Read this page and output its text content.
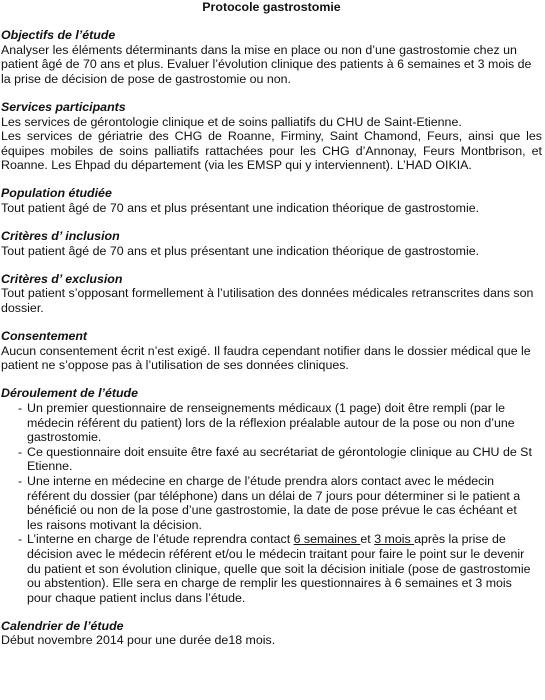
Protocole gastrostomie

Objectifs de l’étude

Analyser les éléments déterminants dans la mise en place ou non d’une gastrostomie chez un patient âgé de 70 ans et plus. Evaluer l’évolution clinique des patients à 6 semaines et 3 mois de la prise de décision de pose de gastrostomie ou non.

Services participants

Les services de gérontologie clinique et de soins palliatifs du CHU de Saint-Etienne.

Les services de gériatrie des CHG de Roanne, Firminy, Saint Chamond, Feurs, ainsi que les équipes mobiles de soins palliatifs rattachées pour les CHG d’Annonay, Feurs Montbrison, et Roanne. Les Ehpad du département (via les EMSP qui y interviennent). L’HAD OIKIA.

Population étudiée

Tout patient âgé de 70 ans et plus présentant une indication théorique de gastrostomie.

Critères d’ inclusion

Tout patient âgé de 70 ans et plus présentant une indication théorique de gastrostomie.

Critères d’ exclusion

Tout patient s’opposant formellement à l’utilisation des données médicales retranscrites dans son dossier.

Consentement

Aucun consentement écrit n’est exigé. Il faudra cependant notifier dans le dossier médical que le patient ne s’oppose pas à l’utilisation de ses données cliniques.

Déroulement de l’étude
- Un premier questionnaire de renseignements médicaux (1 page) doit être rempli (par le médecin référent du patient) lors de la réflexion préalable autour de la pose ou non d’une gastrostomie.
- Ce questionnaire doit ensuite être faxé au secrétariat de gérontologie clinique au CHU de St Etienne.
- Une interne en médecine en charge de l’étude prendra alors contact avec le médecin référent du dossier (par téléphone) dans un délai de 7 jours pour déterminer si le patient a bénéficié ou non de la pose d’une gastrostomie, la date de pose prévue le cas échéant et les raisons motivant la décision.
- L’interne en charge de l’étude reprendra contact 6 semaines et 3 mois après la prise de décision avec le médecin référent et/ou le médecin traitant pour faire le point sur le devenir du patient et son évolution clinique, quelle que soit la décision initiale (pose de gastrostomie ou abstention). Elle sera en charge de remplir les questionnaires à 6 semaines et 3 mois pour chaque patient inclus dans l’étude.
Calendrier de l’étude

Début novembre 2014 pour une durée de18 mois.
